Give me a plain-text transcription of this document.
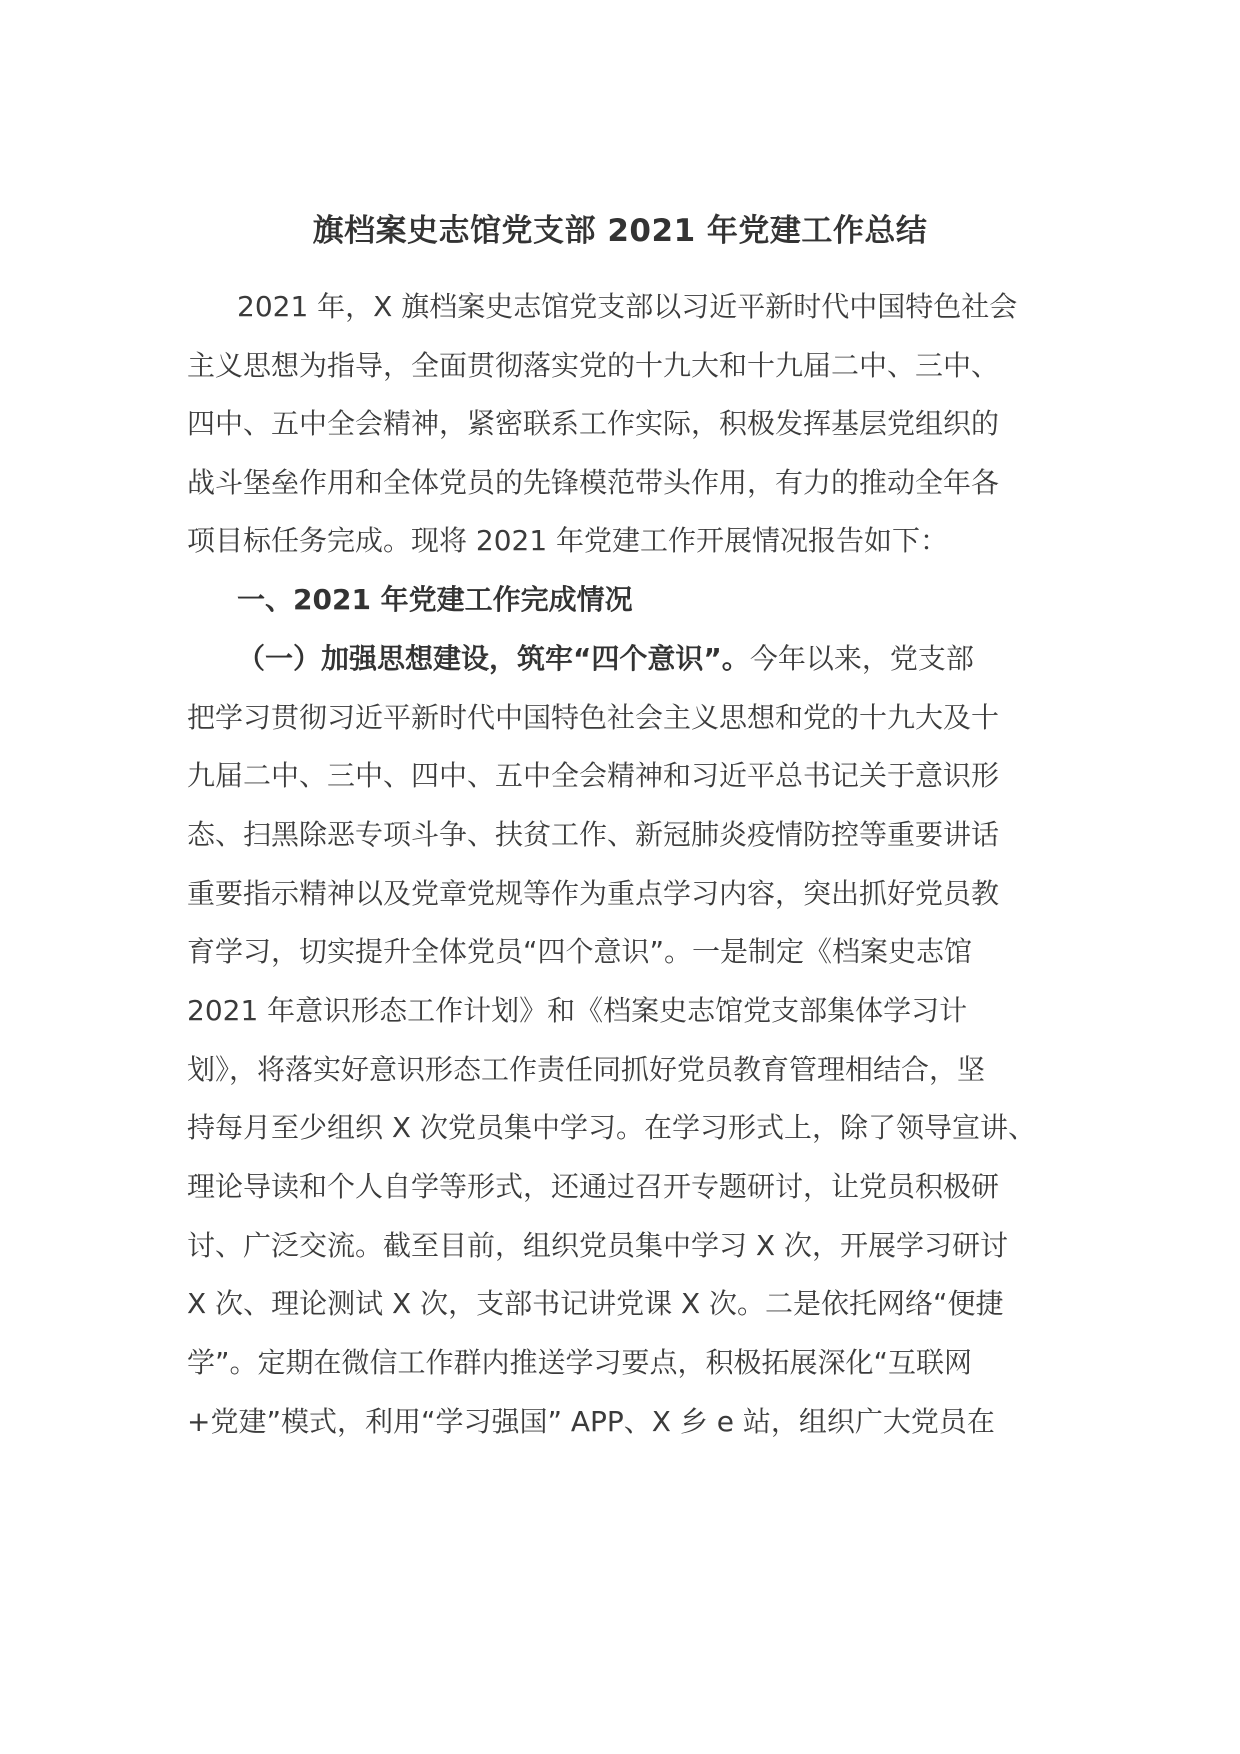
旗档案史志馆党支部 2021 年党建工作总结
2021 年，X 旗档案史志馆党支部以习近平新时代中国特色社会
主义思想为指导，全面贯彻落实党的十九大和十九届二中、三中、
四中、五中全会精神，紧密联系工作实际，积极发挥基层党组织的
战斗堡垒作用和全体党员的先锋模范带头作用，有力的推动全年各
项目标任务完成。现将 2021 年党建工作开展情况报告如下：
一、2021 年党建工作完成情况
（一）加强思想建设，筑牢“四个意识”。今年以来，党支部
把学习贯彻习近平新时代中国特色社会主义思想和党的十九大及十
九届二中、三中、四中、五中全会精神和习近平总书记关于意识形
态、扫黑除恶专项斗争、扶贫工作、新冠肺炎疫情防控等重要讲话
重要指示精神以及党章党规等作为重点学习内容，突出抓好党员教
育学习，切实提升全体党员“四个意识”。一是制定《档案史志馆
2021 年意识形态工作计划》和《档案史志馆党支部集体学习计
划》，将落实好意识形态工作责任同抓好党员教育管理相结合，坚
持每月至少组织 X 次党员集中学习。在学习形式上，除了领导宣讲、
理论导读和个人自学等形式，还通过召开专题研讨，让党员积极研
讨、广泛交流。截至目前，组织党员集中学习 X 次，开展学习研讨
X 次、理论测试 X 次，支部书记讲党课 X 次。二是依托网络“便捷
学”。定期在微信工作群内推送学习要点，积极拓展深化“互联网
+党建”模式，利用“学习强国” APP、X 乡 e 站，组织广大党员在
